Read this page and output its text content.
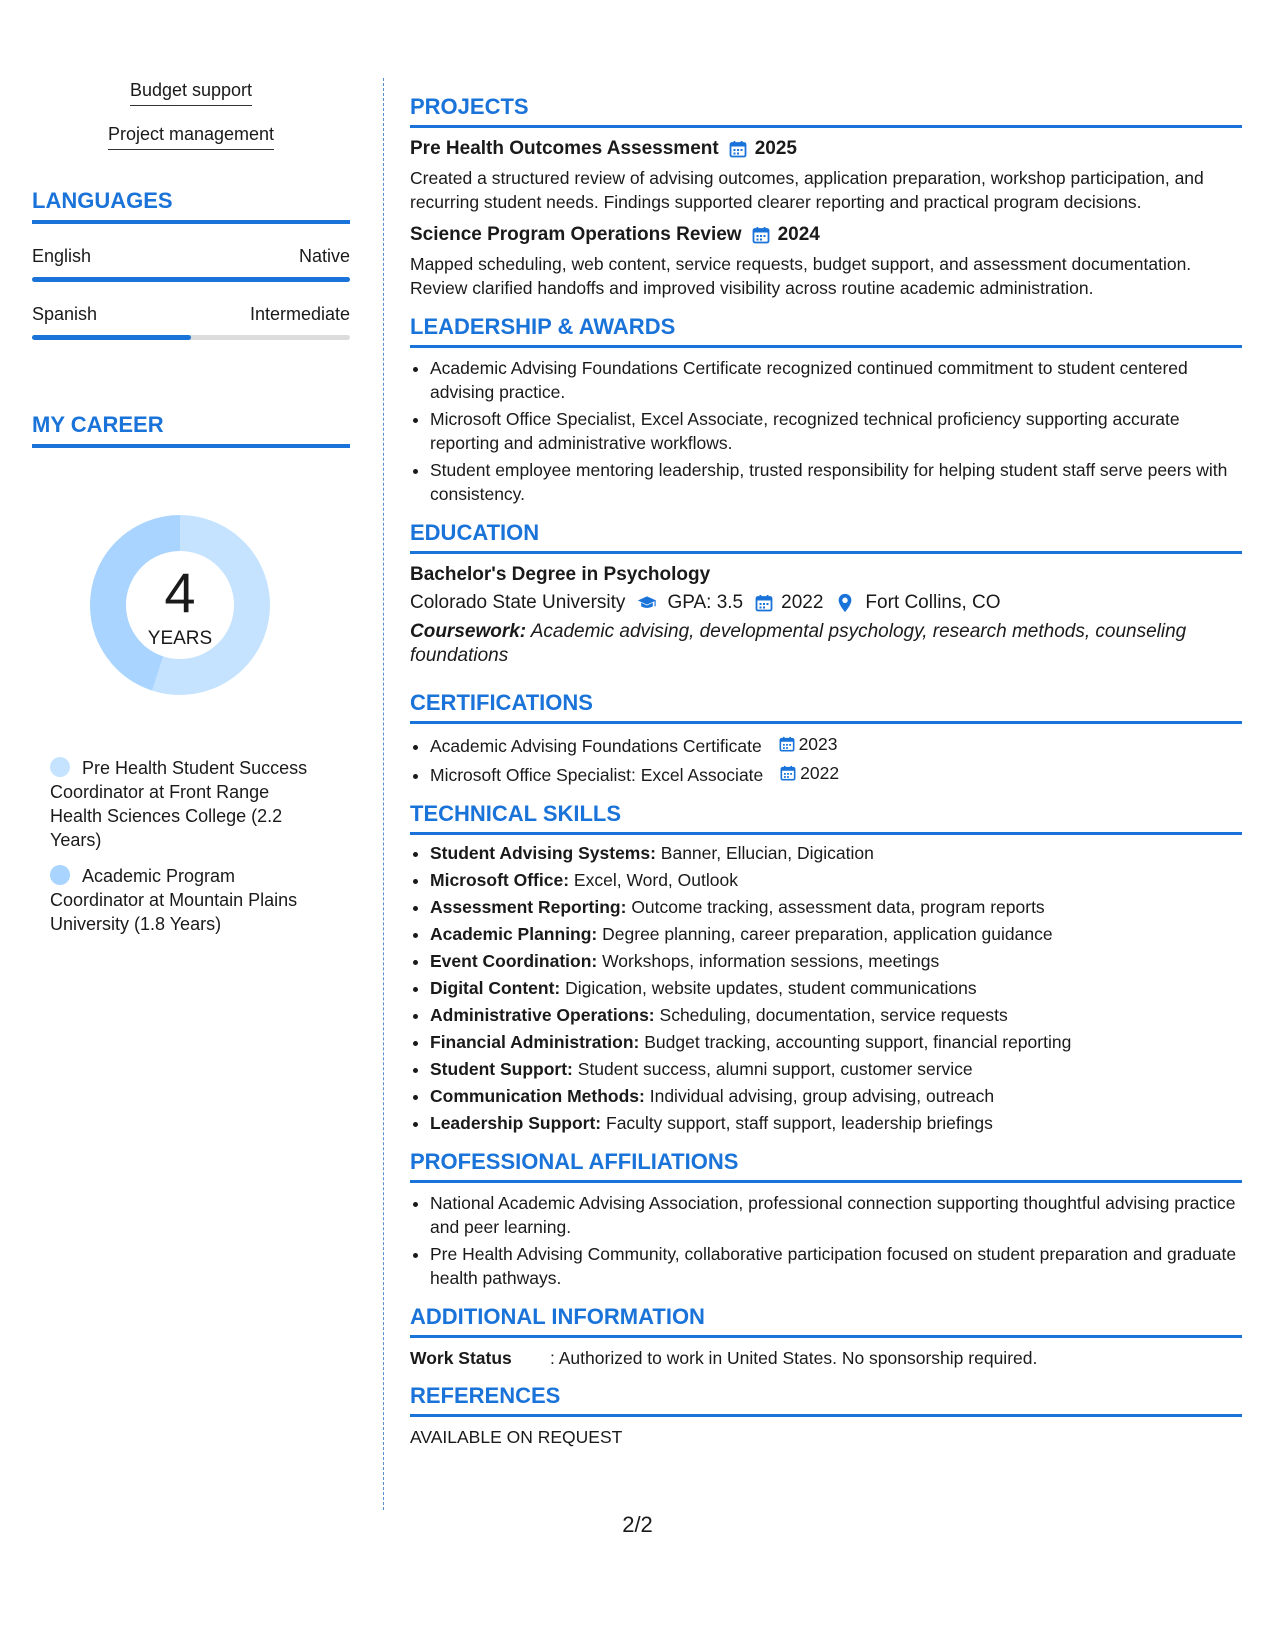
Budget support
Project management
LANGUAGES
English	Native
Spanish	Intermediate
MY CAREER
4
YEARS
Pre Health Student Success Coordinator at Front Range Health Sciences College (2.2 Years)
Academic Program Coordinator at Mountain Plains University (1.8 Years)
PROJECTS
Pre Health Outcomes Assessment 2025
Created a structured review of advising outcomes, application preparation, workshop participation, and recurring student needs. Findings supported clearer reporting and practical program decisions.
Science Program Operations Review 2024
Mapped scheduling, web content, service requests, budget support, and assessment documentation. Review clarified handoffs and improved visibility across routine academic administration.
LEADERSHIP & AWARDS
• Academic Advising Foundations Certificate recognized continued commitment to student centered advising practice.
• Microsoft Office Specialist, Excel Associate, recognized technical proficiency supporting accurate reporting and administrative workflows.
• Student employee mentoring leadership, trusted responsibility for helping student staff serve peers with consistency.
EDUCATION
Bachelor's Degree in Psychology
Colorado State University GPA: 3.5 2022 Fort Collins, CO
Coursework: Academic advising, developmental psychology, research methods, counseling foundations
CERTIFICATIONS
• Academic Advising Foundations Certificate 2023
• Microsoft Office Specialist: Excel Associate 2022
TECHNICAL SKILLS
• Student Advising Systems: Banner, Ellucian, Digication
• Microsoft Office: Excel, Word, Outlook
• Assessment Reporting: Outcome tracking, assessment data, program reports
• Academic Planning: Degree planning, career preparation, application guidance
• Event Coordination: Workshops, information sessions, meetings
• Digital Content: Digication, website updates, student communications
• Administrative Operations: Scheduling, documentation, service requests
• Financial Administration: Budget tracking, accounting support, financial reporting
• Student Support: Student success, alumni support, customer service
• Communication Methods: Individual advising, group advising, outreach
• Leadership Support: Faculty support, staff support, leadership briefings
PROFESSIONAL AFFILIATIONS
• National Academic Advising Association, professional connection supporting thoughtful advising practice and peer learning.
• Pre Health Advising Community, collaborative participation focused on student preparation and graduate health pathways.
ADDITIONAL INFORMATION
Work Status	: Authorized to work in United States. No sponsorship required.
REFERENCES
AVAILABLE ON REQUEST
2/2
